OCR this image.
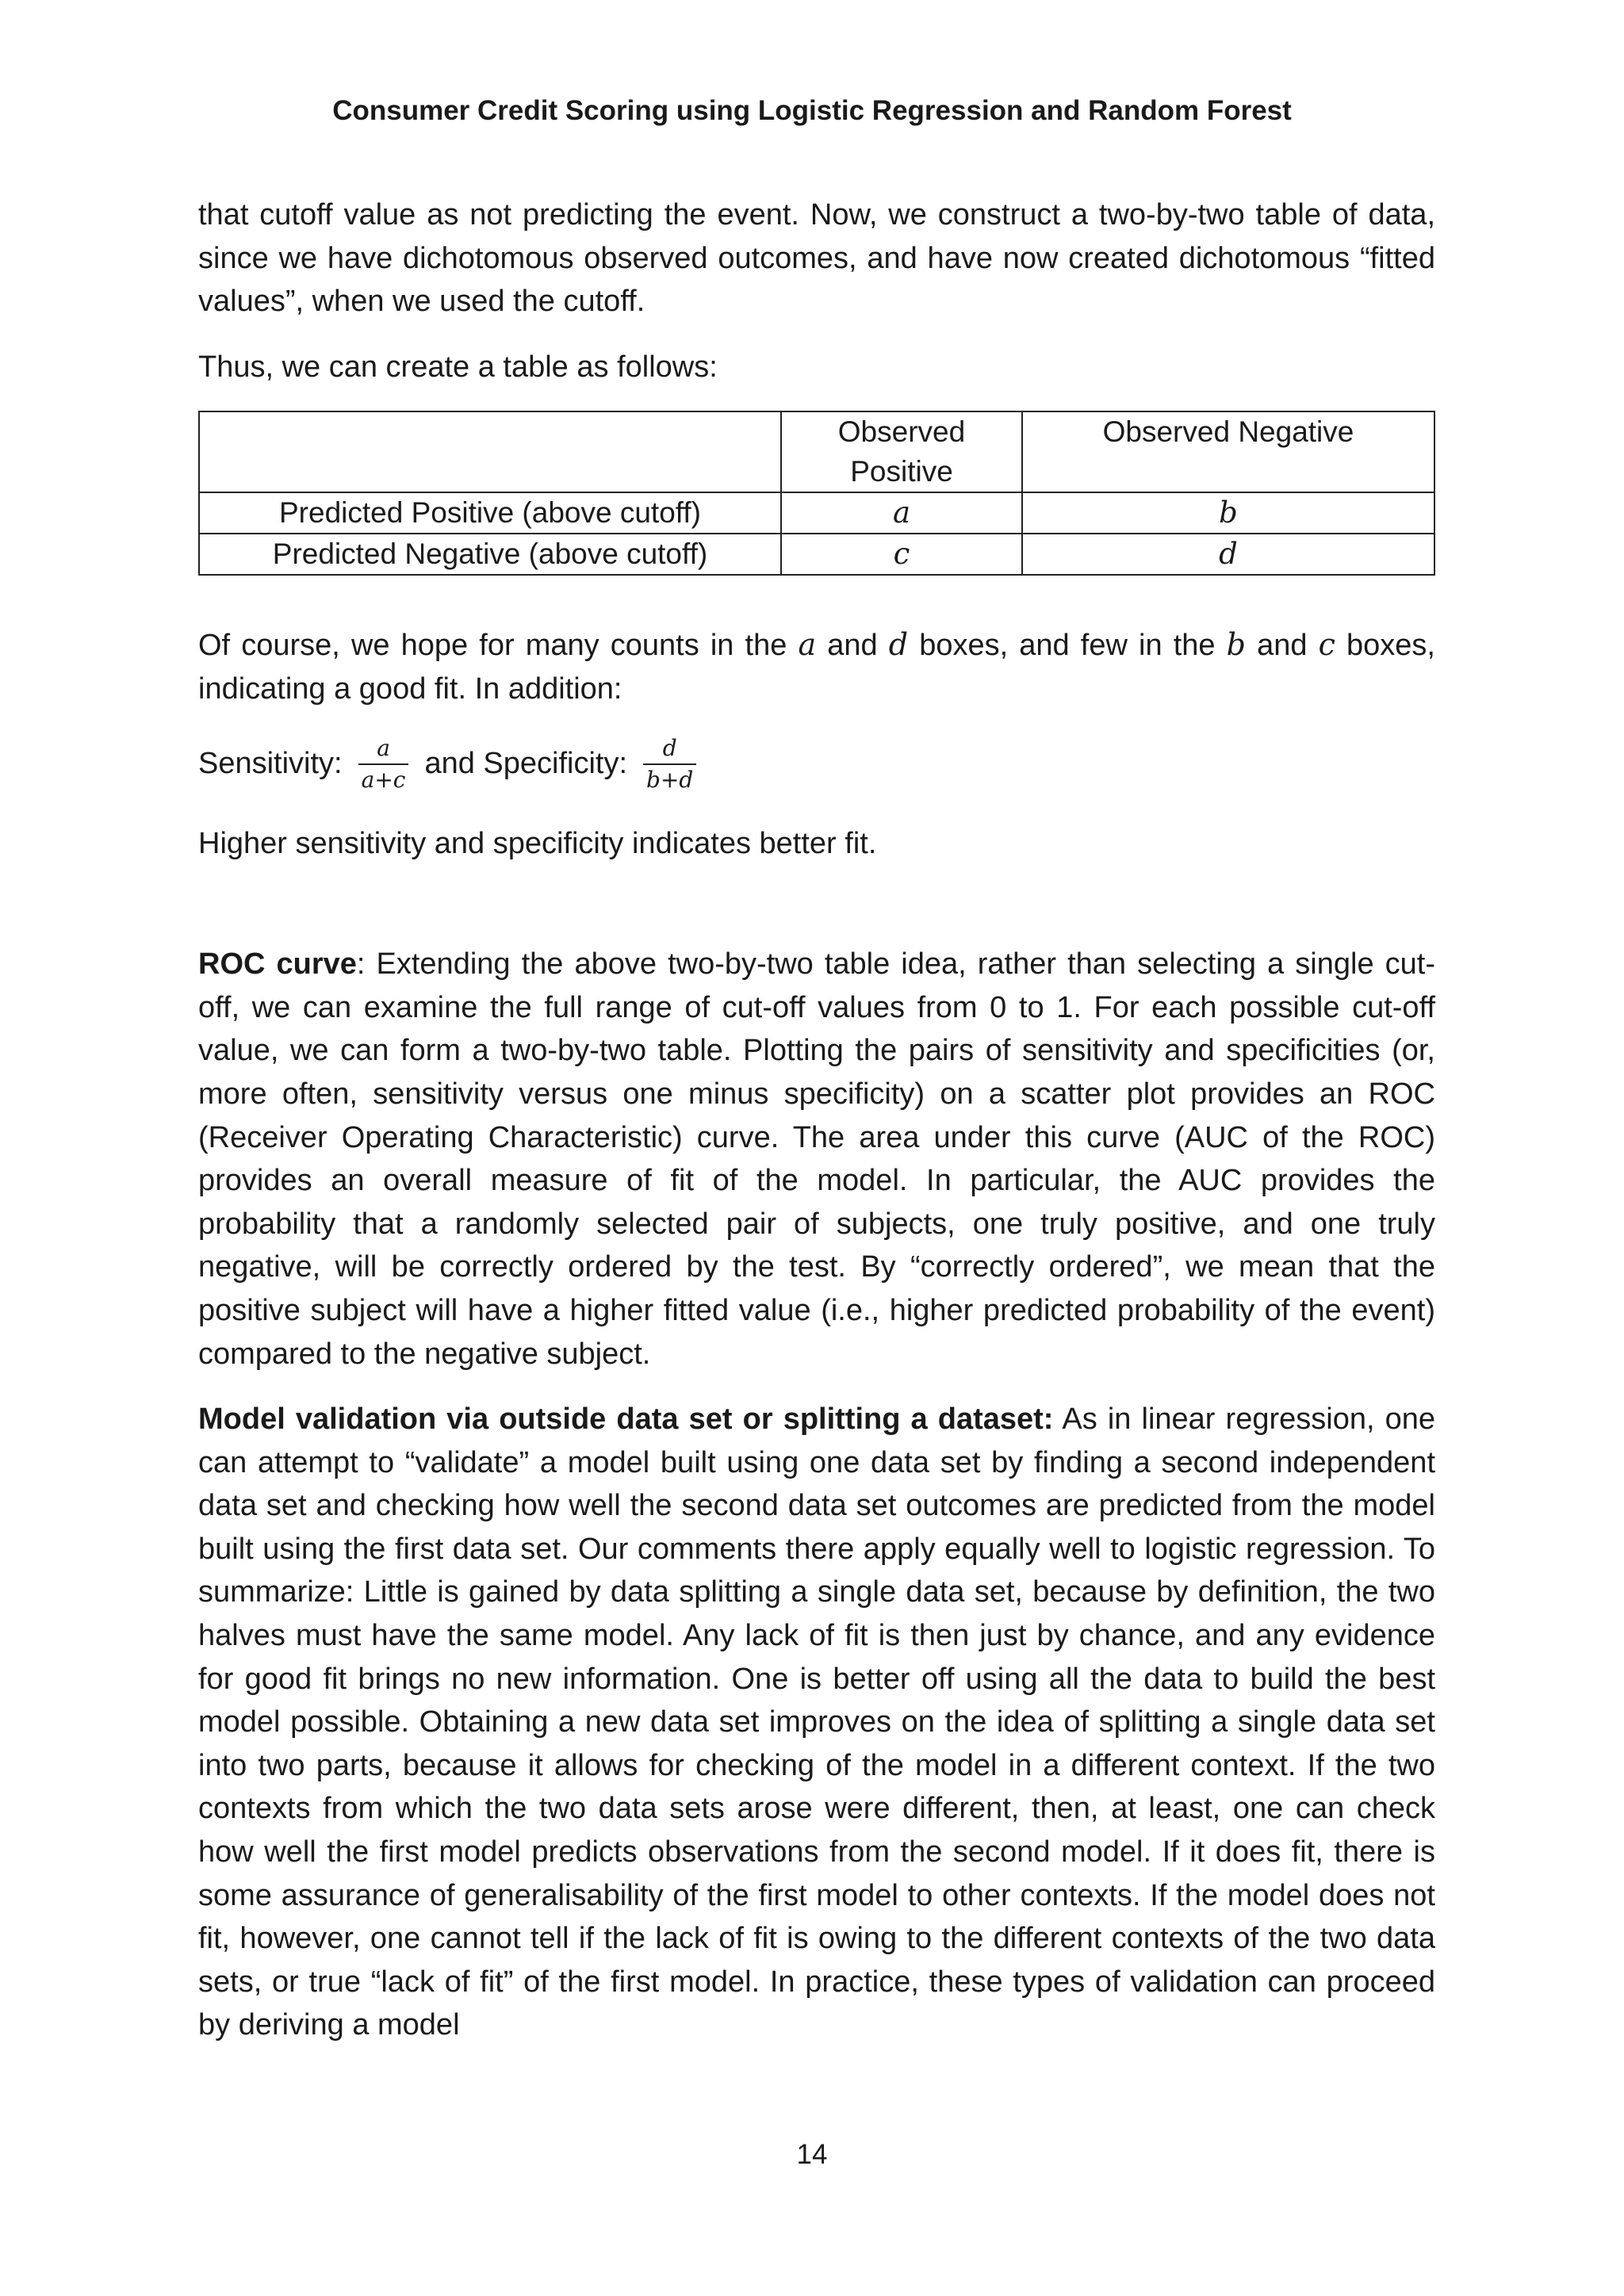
Consumer Credit Scoring using Logistic Regression and Random Forest

that cutoff value as not predicting the event. Now, we construct a two-by-two table of data, since we have dichotomous observed outcomes, and have now created dichotomous “fitted values”, when we used the cutoff.

Thus, we can create a table as follows:

	Observed Positive	Observed Negative
Predicted Positive (above cutoff)	a	b
Predicted Negative (above cutoff)	c	d

Of course, we hope for many counts in the a and d boxes, and few in the b and c boxes, indicating a good fit. In addition:

Sensitivity: $\frac{a}{a+c}$ and Specificity: $\frac{d}{b+d}$

Higher sensitivity and specificity indicates better fit.

ROC curve: Extending the above two-by-two table idea, rather than selecting a single cut-off, we can examine the full range of cut-off values from 0 to 1. For each possible cut-off value, we can form a two-by-two table. Plotting the pairs of sensitivity and specificities (or, more often, sensitivity versus one minus specificity) on a scatter plot provides an ROC (Receiver Operating Characteristic) curve. The area under this curve (AUC of the ROC) provides an overall measure of fit of the model. In particular, the AUC provides the probability that a randomly selected pair of subjects, one truly positive, and one truly negative, will be correctly ordered by the test. By “correctly ordered”, we mean that the positive subject will have a higher fitted value (i.e., higher predicted probability of the event) compared to the negative subject.

Model validation via outside data set or splitting a dataset: As in linear regression, one can attempt to “validate” a model built using one data set by finding a second independent data set and checking how well the second data set outcomes are predicted from the model built using the first data set. Our comments there apply equally well to logistic regression. To summarize: Little is gained by data splitting a single data set, because by definition, the two halves must have the same model. Any lack of fit is then just by chance, and any evidence for good fit brings no new information. One is better off using all the data to build the best model possible. Obtaining a new data set improves on the idea of splitting a single data set into two parts, because it allows for checking of the model in a different context. If the two contexts from which the two data sets arose were different, then, at least, one can check how well the first model predicts observations from the second model. If it does fit, there is some assurance of generalisability of the first model to other contexts. If the model does not fit, however, one cannot tell if the lack of fit is owing to the different contexts of the two data sets, or true “lack of fit” of the first model. In practice, these types of validation can proceed by deriving a model

14
